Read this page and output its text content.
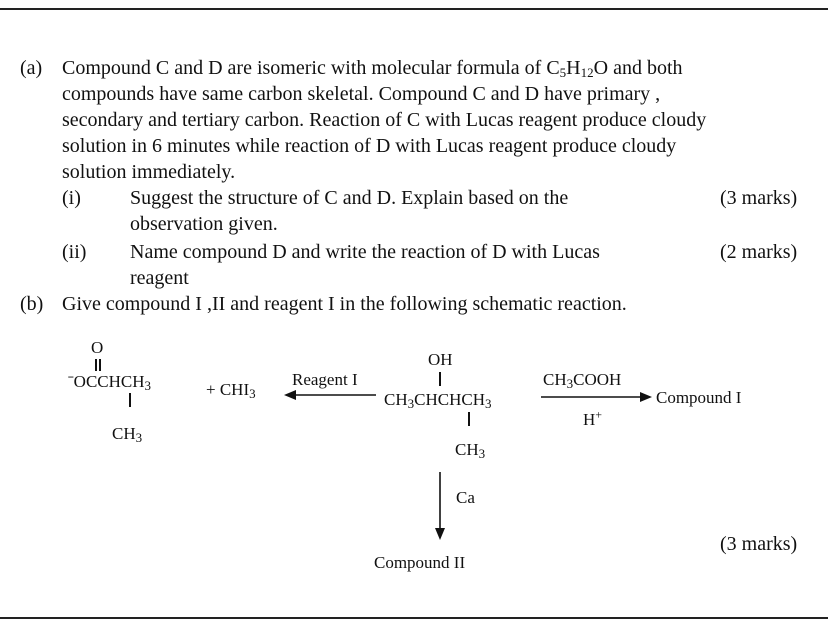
(a) Compound C and D are isomeric with molecular formula of $C_5H_{12}O$ and both
compounds have same carbon skeletal. Compound C and D have primary ,
secondary and tertiary carbon. Reaction of C with Lucas reagent produce cloudy
solution in 6 minutes while reaction of D with Lucas reagent produce cloudy
solution immediately.
(i) Suggest the structure of C and D. Explain based on the	(3 marks)
observation given.
(ii) Name compound D and write the reaction of D with Lucas	(2 marks)
reagent
(b) Give compound I ,II and reagent I in the following schematic reaction.
O
ˉOCCHCH$_3$
$CH_3$
+ $CHI_3$
Reagent I
OH
$CH_3CHCHCH_3$
$CH_3$
$CH_3COOH$
H+
Compound I
Ca
Compound II
(3 marks)
